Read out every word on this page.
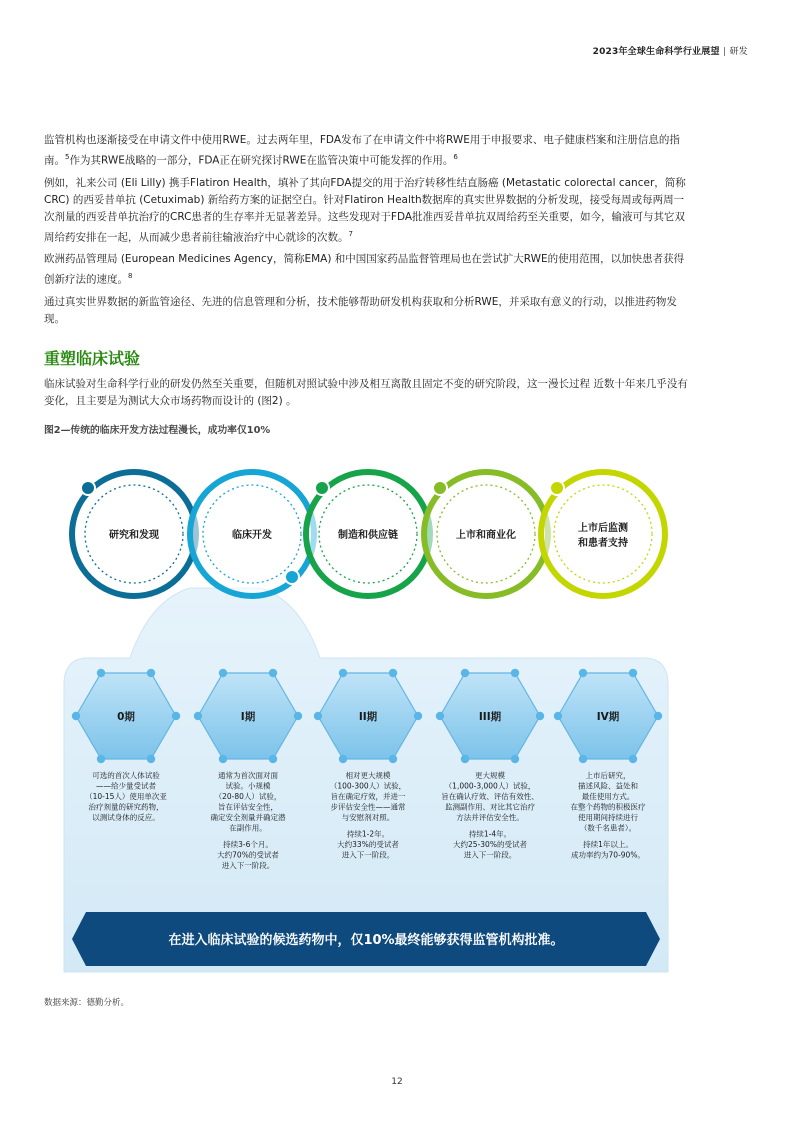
2023年全球生命科学行业展望 | 研发

监管机构也逐渐接受在申请文件中使用RWE。过去两年里，FDA发布了在申请文件中将RWE用于申报要求、电子健康档案和注册信息的指南。$^5$作为其RWE战略的一部分，FDA正在研究探讨RWE在监管决策中可能发挥的作用。$^6$

例如，礼来公司 (Eli Lilly) 携手Flatiron Health，填补了其向FDA提交的用于治疗转移性结直肠癌 (Metastatic colorectal cancer，简称CRC) 的西妥昔单抗 (Cetuximab) 新给药方案的证据空白。针对Flatiron Health数据库的真实世界数据的分析发现，接受每周或每两周一次剂量的西妥昔单抗治疗的CRC患者的生存率并无显著差异。这些发现对于FDA批准西妥昔单抗双周给药至关重要，如今，输液可与其它双周给药安排在一起，从而减少患者前往输液治疗中心就诊的次数。$^7$

欧洲药品管理局 (European Medicines Agency，简称EMA) 和中国国家药品监督管理局也在尝试扩大RWE的使用范围，以加快患者获得创新疗法的速度。$^8$

通过真实世界数据的新监管途径、先进的信息管理和分析，技术能够帮助研发机构获取和分析RWE，并采取有意义的行动，以推进药物发现。

重塑临床试验

临床试验对生命科学行业的研发仍然至关重要，但随机对照试验中涉及相互离散且固定不变的研究阶段，这一漫长过程 近数十年来几乎没有变化，且主要是为测试大众市场药物而设计的 (图2) 。

图2—传统的临床开发方法过程漫长，成功率仅10%
研究和发现	临床开发	制造和供应链	上市和商业化
上市后监测
和患者支持
0期	I期	II期	III期	IV期
可选的首次人体试验——给少量受试者（10-15人）使用单次亚治疗剂量的研究药物，以测试身体的反应。
通常为首次面对面试验。小规模（20-80人）试验，旨在评估安全性，确定安全剂量并确定潜在副作用。 持续3-6个月。大约70%的受试者进入下一阶段。
相对更大规模（100-300人）试验，旨在确定疗效，并进一步评估安全性——通常与安慰剂对照。 持续1-2年。大约33%的受试者进入下一阶段。
更大规模（1,000-3,000人）试验，旨在确认疗效、评估有效性、监测副作用、对比其它治疗方法并评估安全性。 持续1-4年。大约25-30%的受试者进入下一阶段。
上市后研究，描述风险、益处和最佳使用方式。在整个药物的积极医疗使用期间持续进行（数千名患者）。 持续1年以上。成功率约为70-90%。
在进入临床试验的候选药物中，仅10%最终能够获得监管机构批准。
数据来源：德勤分析。
12
